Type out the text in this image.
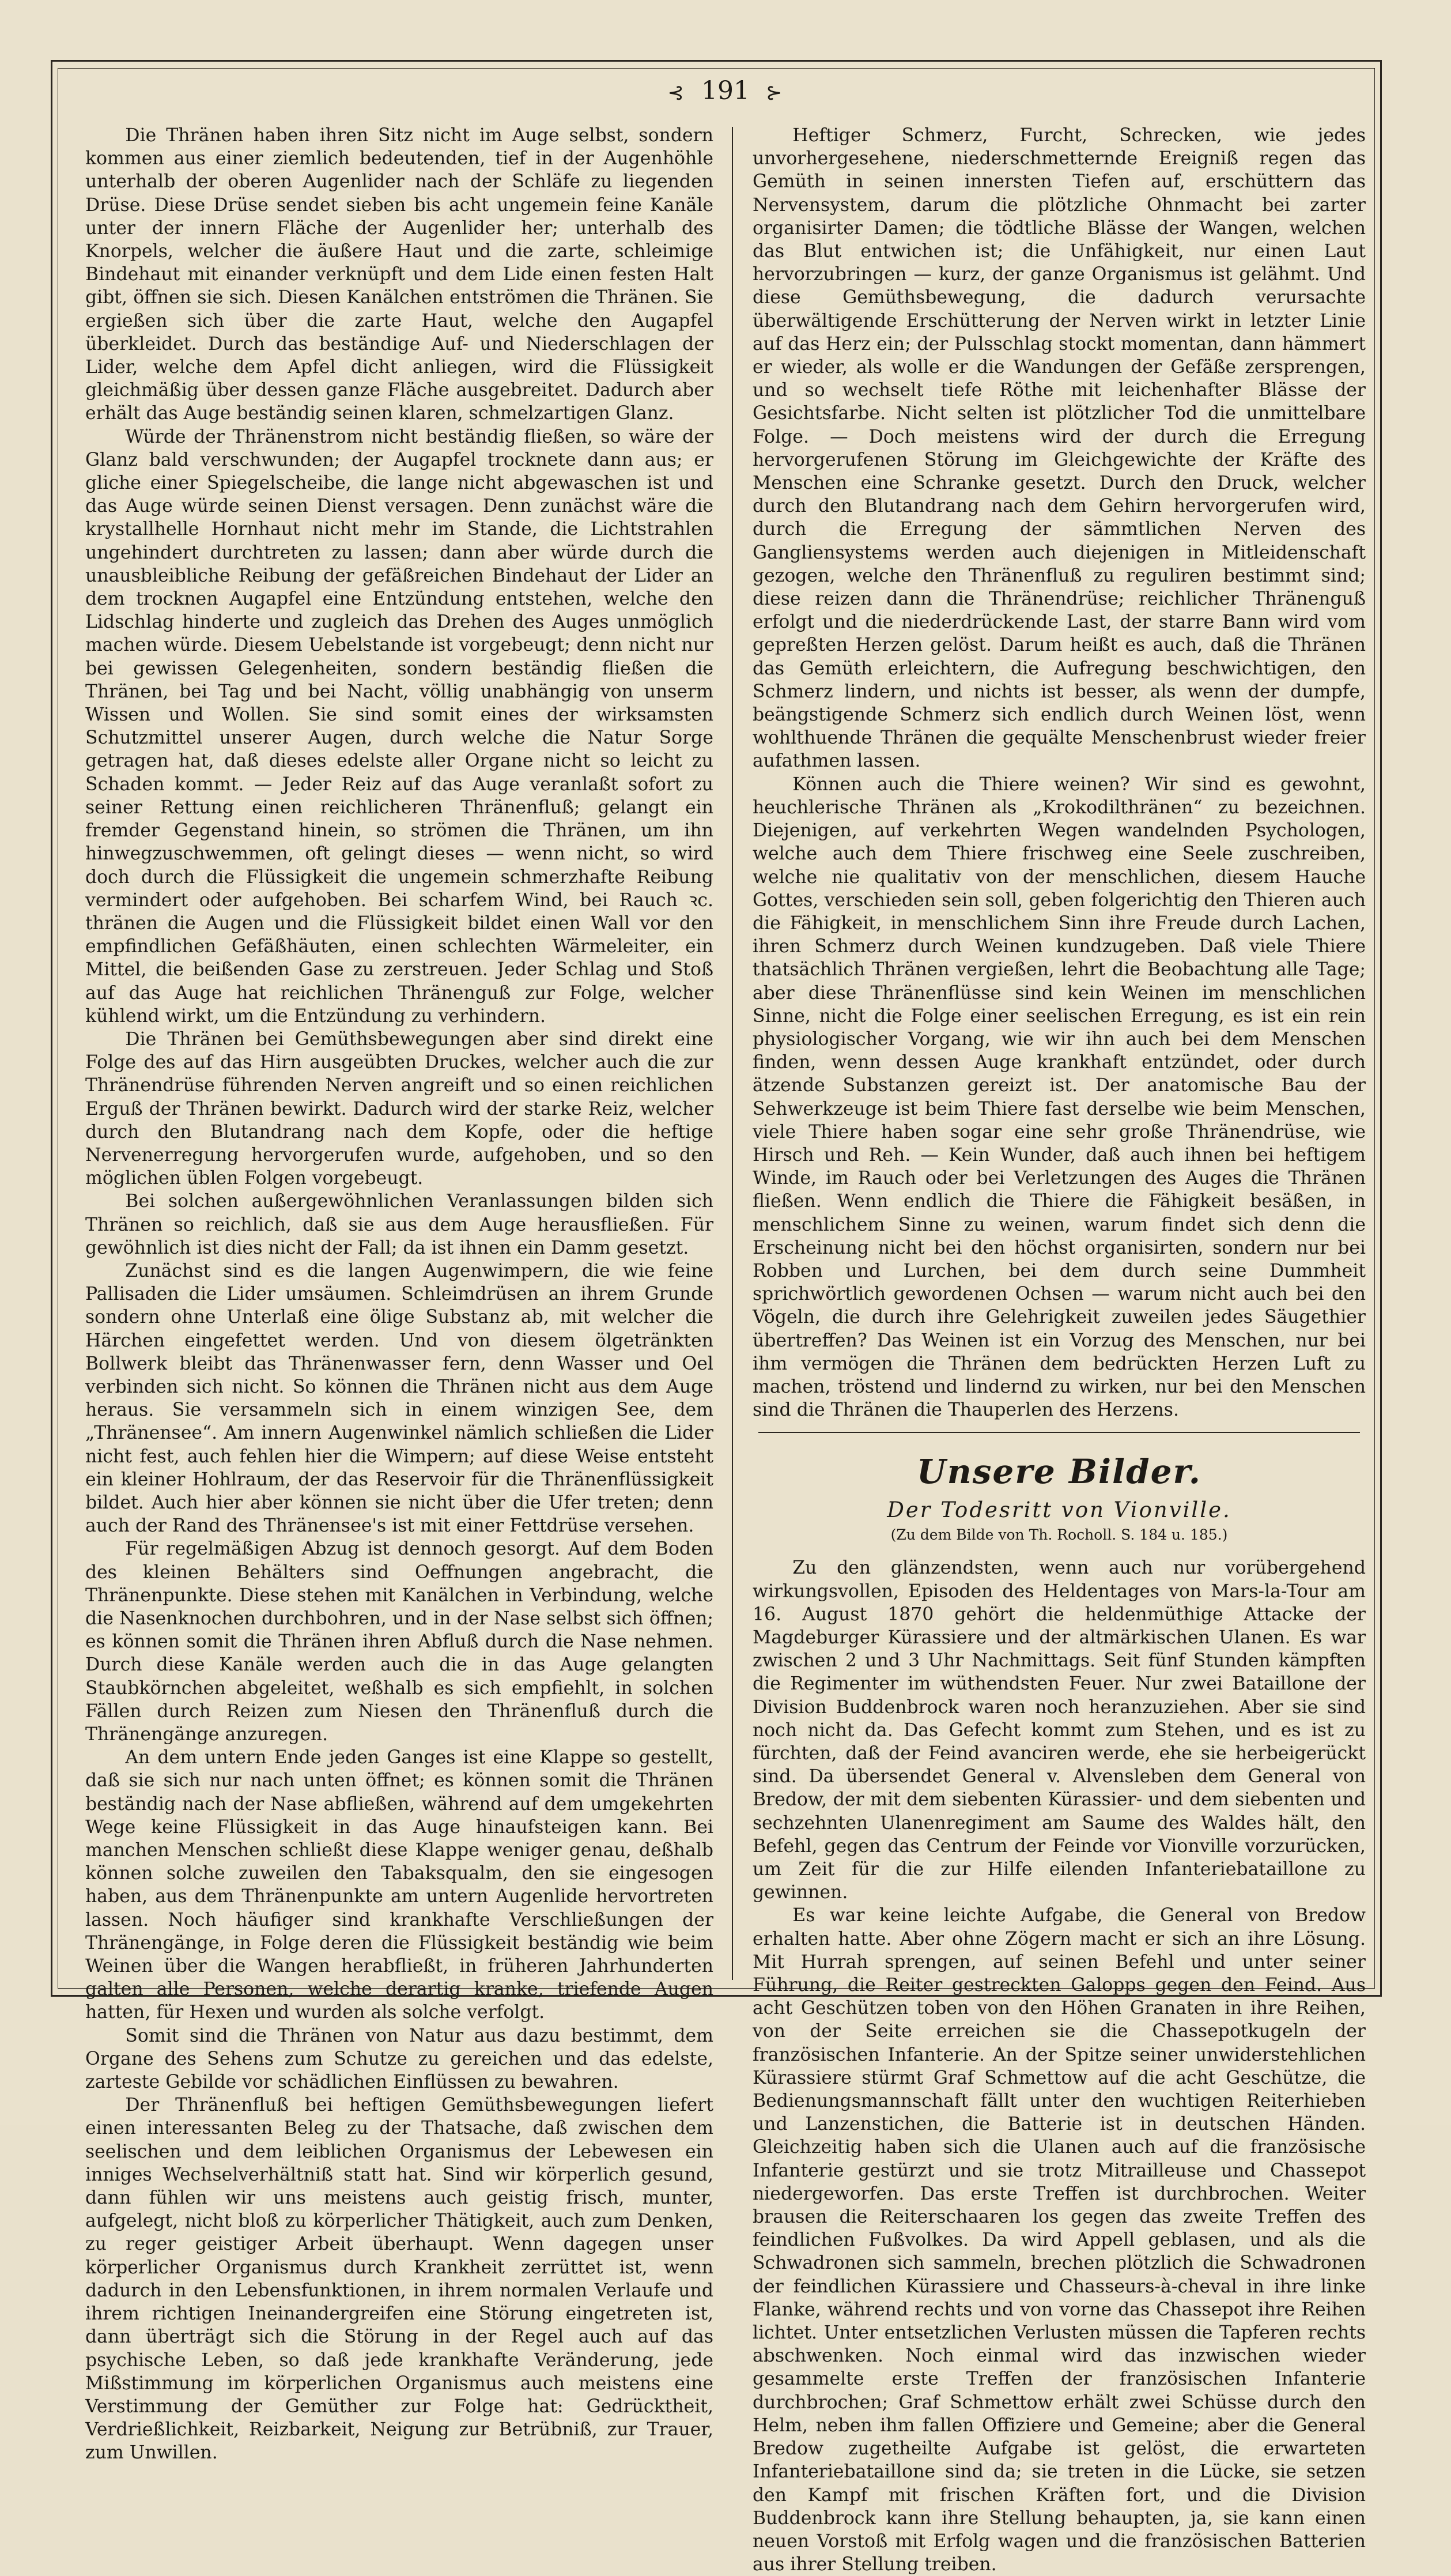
⊰ 191 ⊱

Die Thränen haben ihren Sitz nicht im Auge selbst, sondern kommen aus einer ziemlich bedeutenden, tief in der Augenhöhle unterhalb der oberen Augenlider nach der Schläfe zu liegenden Drüse. Diese Drüse sendet sieben bis acht ungemein feine Kanäle unter der innern Fläche der Augenlider her; unterhalb des Knorpels, welcher die äußere Haut und die zarte, schleimige Bindehaut mit einander verknüpft und dem Lide einen festen Halt gibt, öffnen sie sich. Diesen Kanälchen entströmen die Thränen. Sie ergießen sich über die zarte Haut, welche den Augapfel überkleidet. Durch das beständige Auf- und Niederschlagen der Lider, welche dem Apfel dicht anliegen, wird die Flüssigkeit gleichmäßig über dessen ganze Fläche ausgebreitet. Dadurch aber erhält das Auge beständig seinen klaren, schmelzartigen Glanz.

Würde der Thränenstrom nicht beständig fließen, so wäre der Glanz bald verschwunden; der Augapfel trocknete dann aus; er gliche einer Spiegelscheibe, die lange nicht abgewaschen ist und das Auge würde seinen Dienst versagen. Denn zunächst wäre die krystallhelle Hornhaut nicht mehr im Stande, die Lichtstrahlen ungehindert durchtreten zu lassen; dann aber würde durch die unausbleibliche Reibung der gefäßreichen Bindehaut der Lider an dem trocknen Augapfel eine Entzündung entstehen, welche den Lidschlag hinderte und zugleich das Drehen des Auges unmöglich machen würde. Diesem Uebelstande ist vorgebeugt; denn nicht nur bei gewissen Gelegenheiten, sondern beständig fließen die Thränen, bei Tag und bei Nacht, völlig unabhängig von unserm Wissen und Wollen. Sie sind somit eines der wirksamsten Schutzmittel unserer Augen, durch welche die Natur Sorge getragen hat, daß dieses edelste aller Organe nicht so leicht zu Schaden kommt. — Jeder Reiz auf das Auge veranlaßt sofort zu seiner Rettung einen reichlicheren Thränenfluß; gelangt ein fremder Gegenstand hinein, so strömen die Thränen, um ihn hinwegzuschwemmen, oft gelingt dieses — wenn nicht, so wird doch durch die Flüssigkeit die ungemein schmerzhafte Reibung vermindert oder aufgehoben. Bei scharfem Wind, bei Rauch ꝛc. thränen die Augen und die Flüssigkeit bildet einen Wall vor den empfindlichen Gefäßhäuten, einen schlechten Wärmeleiter, ein Mittel, die beißenden Gase zu zerstreuen. Jeder Schlag und Stoß auf das Auge hat reichlichen Thränenguß zur Folge, welcher kühlend wirkt, um die Entzündung zu verhindern.

Die Thränen bei Gemüthsbewegungen aber sind direkt eine Folge des auf das Hirn ausgeübten Druckes, welcher auch die zur Thränendrüse führenden Nerven angreift und so einen reichlichen Erguß der Thränen bewirkt. Dadurch wird der starke Reiz, welcher durch den Blutandrang nach dem Kopfe, oder die heftige Nervenerregung hervorgerufen wurde, aufgehoben, und so den möglichen üblen Folgen vorgebeugt.

Bei solchen außergewöhnlichen Veranlassungen bilden sich Thränen so reichlich, daß sie aus dem Auge herausfließen. Für gewöhnlich ist dies nicht der Fall; da ist ihnen ein Damm gesetzt.

Zunächst sind es die langen Augenwimpern, die wie feine Pallisaden die Lider umsäumen. Schleimdrüsen an ihrem Grunde sondern ohne Unterlaß eine ölige Substanz ab, mit welcher die Härchen eingefettet werden. Und von diesem ölgetränkten Bollwerk bleibt das Thränenwasser fern, denn Wasser und Oel verbinden sich nicht. So können die Thränen nicht aus dem Auge heraus. Sie versammeln sich in einem winzigen See, dem „Thränensee“. Am innern Augenwinkel nämlich schließen die Lider nicht fest, auch fehlen hier die Wimpern; auf diese Weise entsteht ein kleiner Hohlraum, der das Reservoir für die Thränenflüssigkeit bildet. Auch hier aber können sie nicht über die Ufer treten; denn auch der Rand des Thränensee's ist mit einer Fettdrüse versehen.

Für regelmäßigen Abzug ist dennoch gesorgt. Auf dem Boden des kleinen Behälters sind Oeffnungen angebracht, die Thränenpunkte. Diese stehen mit Kanälchen in Verbindung, welche die Nasenknochen durchbohren, und in der Nase selbst sich öffnen; es können somit die Thränen ihren Abfluß durch die Nase nehmen. Durch diese Kanäle werden auch die in das Auge gelangten Staubkörnchen abgeleitet, weßhalb es sich empfiehlt, in solchen Fällen durch Reizen zum Niesen den Thränenfluß durch die Thränengänge anzuregen.

An dem untern Ende jeden Ganges ist eine Klappe so gestellt, daß sie sich nur nach unten öffnet; es können somit die Thränen beständig nach der Nase abfließen, während auf dem umgekehrten Wege keine Flüssigkeit in das Auge hinaufsteigen kann. Bei manchen Menschen schließt diese Klappe weniger genau, deßhalb können solche zuweilen den Tabaksqualm, den sie eingesogen haben, aus dem Thränenpunkte am untern Augenlide hervortreten lassen. Noch häufiger sind krankhafte Verschließungen der Thränengänge, in Folge deren die Flüssigkeit beständig wie beim Weinen über die Wangen herabfließt, in früheren Jahrhunderten galten alle Personen, welche derartig kranke, triefende Augen hatten, für Hexen und wurden als solche verfolgt.

Somit sind die Thränen von Natur aus dazu bestimmt, dem Organe des Sehens zum Schutze zu gereichen und das edelste, zarteste Gebilde vor schädlichen Einflüssen zu bewahren.

Der Thränenfluß bei heftigen Gemüthsbewegungen liefert einen interessanten Beleg zu der Thatsache, daß zwischen dem seelischen und dem leiblichen Organismus der Lebewesen ein inniges Wechselverhältniß statt hat. Sind wir körperlich gesund, dann fühlen wir uns meistens auch geistig frisch, munter, aufgelegt, nicht bloß zu körperlicher Thätigkeit, auch zum Denken, zu reger geistiger Arbeit überhaupt. Wenn dagegen unser körperlicher Organismus durch Krankheit zerrüttet ist, wenn dadurch in den Lebensfunktionen, in ihrem normalen Verlaufe und ihrem richtigen Ineinandergreifen eine Störung eingetreten ist, dann überträgt sich die Störung in der Regel auch auf das psychische Leben, so daß jede krankhafte Veränderung, jede Mißstimmung im körperlichen Organismus auch meistens eine Verstimmung der Gemüther zur Folge hat: Gedrücktheit, Verdrießlichkeit, Reizbarkeit, Neigung zur Betrübniß, zur Trauer, zum Unwillen.

Heftiger Schmerz, Furcht, Schrecken, wie jedes unvorhergesehene, niederschmetternde Ereigniß regen das Gemüth in seinen innersten Tiefen auf, erschüttern das Nervensystem, darum die plötzliche Ohnmacht bei zarter organisirter Damen; die tödtliche Blässe der Wangen, welchen das Blut entwichen ist; die Unfähigkeit, nur einen Laut hervorzubringen — kurz, der ganze Organismus ist gelähmt. Und diese Gemüthsbewegung, die dadurch verursachte überwältigende Erschütterung der Nerven wirkt in letzter Linie auf das Herz ein; der Pulsschlag stockt momentan, dann hämmert er wieder, als wolle er die Wandungen der Gefäße zersprengen, und so wechselt tiefe Röthe mit leichenhafter Blässe der Gesichtsfarbe. Nicht selten ist plötzlicher Tod die unmittelbare Folge. — Doch meistens wird der durch die Erregung hervorgerufenen Störung im Gleichgewichte der Kräfte des Menschen eine Schranke gesetzt. Durch den Druck, welcher durch den Blutandrang nach dem Gehirn hervorgerufen wird, durch die Erregung der sämmtlichen Nerven des Gangliensystems werden auch diejenigen in Mitleidenschaft gezogen, welche den Thränenfluß zu reguliren bestimmt sind; diese reizen dann die Thränendrüse; reichlicher Thränenguß erfolgt und die niederdrückende Last, der starre Bann wird vom gepreßten Herzen gelöst. Darum heißt es auch, daß die Thränen das Gemüth erleichtern, die Aufregung beschwichtigen, den Schmerz lindern, und nichts ist besser, als wenn der dumpfe, beängstigende Schmerz sich endlich durch Weinen löst, wenn wohlthuende Thränen die gequälte Menschenbrust wieder freier aufathmen lassen.

Können auch die Thiere weinen? Wir sind es gewohnt, heuchlerische Thränen als „Krokodilthränen“ zu bezeichnen. Diejenigen, auf verkehrten Wegen wandelnden Psychologen, welche auch dem Thiere frischweg eine Seele zuschreiben, welche nie qualitativ von der menschlichen, diesem Hauche Gottes, verschieden sein soll, geben folgerichtig den Thieren auch die Fähigkeit, in menschlichem Sinn ihre Freude durch Lachen, ihren Schmerz durch Weinen kundzugeben. Daß viele Thiere thatsächlich Thränen vergießen, lehrt die Beobachtung alle Tage; aber diese Thränenflüsse sind kein Weinen im menschlichen Sinne, nicht die Folge einer seelischen Erregung, es ist ein rein physiologischer Vorgang, wie wir ihn auch bei dem Menschen finden, wenn dessen Auge krankhaft entzündet, oder durch ätzende Substanzen gereizt ist. Der anatomische Bau der Sehwerkzeuge ist beim Thiere fast derselbe wie beim Menschen, viele Thiere haben sogar eine sehr große Thränendrüse, wie Hirsch und Reh. — Kein Wunder, daß auch ihnen bei heftigem Winde, im Rauch oder bei Verletzungen des Auges die Thränen fließen. Wenn endlich die Thiere die Fähigkeit besäßen, in menschlichem Sinne zu weinen, warum findet sich denn die Erscheinung nicht bei den höchst organisirten, sondern nur bei Robben und Lurchen, bei dem durch seine Dummheit sprichwörtlich gewordenen Ochsen — warum nicht auch bei den Vögeln, die durch ihre Gelehrigkeit zuweilen jedes Säugethier übertreffen? Das Weinen ist ein Vorzug des Menschen, nur bei ihm vermögen die Thränen dem bedrückten Herzen Luft zu machen, tröstend und lindernd zu wirken, nur bei den Menschen sind die Thränen die Thauperlen des Herzens.

Unsere Bilder.
Der Todesritt von Vionville.
(Zu dem Bilde von Th. Rocholl. S. 184 u. 185.)

Zu den glänzendsten, wenn auch nur vorübergehend wirkungsvollen, Episoden des Heldentages von Mars-la-Tour am 16. August 1870 gehört die heldenmüthige Attacke der Magdeburger Kürassiere und der altmärkischen Ulanen. Es war zwischen 2 und 3 Uhr Nachmittags. Seit fünf Stunden kämpften die Regimenter im wüthendsten Feuer. Nur zwei Bataillone der Division Buddenbrock waren noch heranzuziehen. Aber sie sind noch nicht da. Das Gefecht kommt zum Stehen, und es ist zu fürchten, daß der Feind avanciren werde, ehe sie herbeigerückt sind. Da übersendet General v. Alvensleben dem General von Bredow, der mit dem siebenten Kürassier- und dem siebenten und sechzehnten Ulanenregiment am Saume des Waldes hält, den Befehl, gegen das Centrum der Feinde vor Vionville vorzurücken, um Zeit für die zur Hilfe eilenden Infanteriebataillone zu gewinnen.

Es war keine leichte Aufgabe, die General von Bredow erhalten hatte. Aber ohne Zögern macht er sich an ihre Lösung. Mit Hurrah sprengen, auf seinen Befehl und unter seiner Führung, die Reiter gestreckten Galopps gegen den Feind. Aus acht Geschützen toben von den Höhen Granaten in ihre Reihen, von der Seite erreichen sie die Chassepotkugeln der französischen Infanterie. An der Spitze seiner unwiderstehlichen Kürassiere stürmt Graf Schmettow auf die acht Geschütze, die Bedienungsmannschaft fällt unter den wuchtigen Reiterhieben und Lanzenstichen, die Batterie ist in deutschen Händen. Gleichzeitig haben sich die Ulanen auch auf die französische Infanterie gestürzt und sie trotz Mitrailleuse und Chassepot niedergeworfen. Das erste Treffen ist durchbrochen. Weiter brausen die Reiterschaaren los gegen das zweite Treffen des feindlichen Fußvolkes. Da wird Appell geblasen, und als die Schwadronen sich sammeln, brechen plötzlich die Schwadronen der feindlichen Kürassiere und Chasseurs-à-cheval in ihre linke Flanke, während rechts und von vorne das Chassepot ihre Reihen lichtet. Unter entsetzlichen Verlusten müssen die Tapferen rechts abschwenken. Noch einmal wird das inzwischen wieder gesammelte erste Treffen der französischen Infanterie durchbrochen; Graf Schmettow erhält zwei Schüsse durch den Helm, neben ihm fallen Offiziere und Gemeine; aber die General Bredow zugetheilte Aufgabe ist gelöst, die erwarteten Infanteriebataillone sind da; sie treten in die Lücke, sie setzen den Kampf mit frischen Kräften fort, und die Division Buddenbrock kann ihre Stellung behaupten, ja, sie kann einen neuen Vorstoß mit Erfolg wagen und die französischen Batterien aus ihrer Stellung treiben.
